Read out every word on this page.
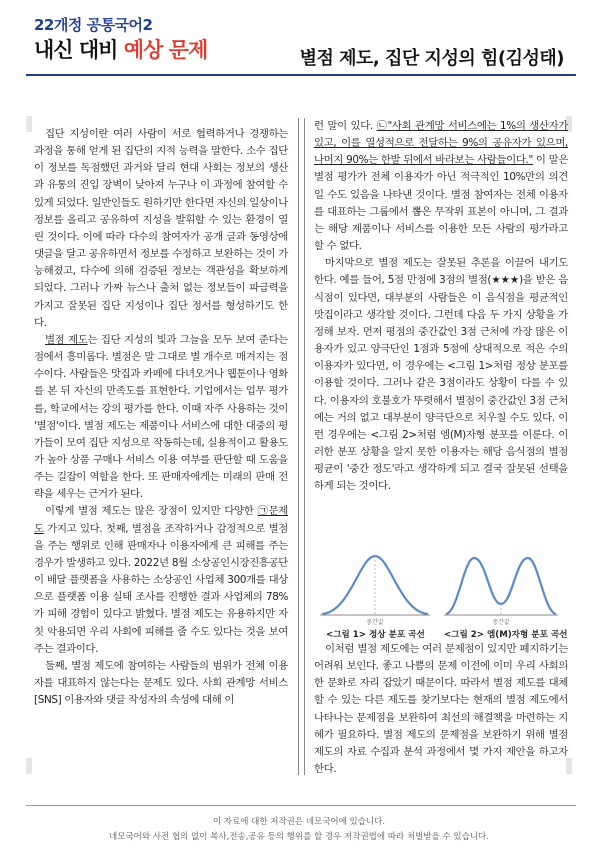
22개정 공통국어2
내신 대비 예상 문제	별점 제도, 집단 지성의 힘(김성태)

집단 지성이란 여러 사람이 서로 협력하거나 경쟁하는 과정을 통해 얻게 된 집단의 지적 능력을 말한다. 소수 집단이 정보를 독점했던 과거와 달리 현대 사회는 정보의 생산과 유통의 진입 장벽이 낮아져 누구나 이 과정에 참여할 수 있게 되었다. 일반인들도 원하기만 한다면 자신의 일상이나 정보를 올리고 공유하여 지성을 발휘할 수 있는 환경이 열린 것이다. 이에 따라 다수의 참여자가 공개 글과 동영상에 댓글을 달고 공유하면서 정보를 수정하고 보완하는 것이 가능해졌고, 다수에 의해 검증된 정보는 객관성을 확보하게 되었다. 그러나 가짜 뉴스나 출처 없는 정보들이 파급력을 가지고 잘못된 집단 지성이나 집단 정서를 형성하기도 한다.

별점 제도는 집단 지성의 빛과 그늘을 모두 보여 준다는 점에서 흥미롭다. 별점은 말 그대로 별 개수로 매겨지는 점수이다. 사람들은 맛집과 카페에 다녀오거나 웹툰이나 영화를 본 뒤 자신의 만족도를 표현한다. 기업에서는 업무 평가를, 학교에서는 강의 평가를 한다. 이때 자주 사용하는 것이 '별점'이다. 별점 제도는 제품이나 서비스에 대한 대중의 평가들이 모여 집단 지성으로 작동하는데, 실용적이고 활용도가 높아 상품 구매나 서비스 이용 여부를 판단할 때 도움을 주는 길잡이 역할을 한다. 또 판매자에게는 미래의 판매 전략을 세우는 근거가 된다.

이렇게 별점 제도는 많은 장점이 있지만 다양한 ㉠문제도 가지고 있다. 첫째, 별점을 조작하거나 감정적으로 별점을 주는 행위로 인해 판매자나 이용자에게 큰 피해를 주는 경우가 발생하고 있다. 2022년 8월 소상공인시장진흥공단이 배달 플랫폼을 사용하는 소상공인 사업체 300개를 대상으로 플랫폼 이용 실태 조사를 진행한 결과 사업체의 78%가 피해 경험이 있다고 밝혔다. 별점 제도는 유용하지만 자칫 악용되면 우리 사회에 피해를 줄 수도 있다는 것을 보여 주는 결과이다.

둘째, 별점 제도에 참여하는 사람들의 범위가 전체 이용자를 대표하지 않는다는 문제도 있다. 사회 관계망 서비스[SNS] 이용자와 댓글 작성자의 속성에 대해 이

런 말이 있다. ㉡"사회 관계망 서비스에는 1%의 생산자가 있고, 이를 열성적으로 전달하는 9%의 공유자가 있으며, 나머지 90%는 한발 뒤에서 바라보는 사람들이다." 이 말은 별점 평가가 전체 이용자가 아닌 적극적인 10%만의 의견일 수도 있음을 나타낸 것이다. 별점 참여자는 전체 이용자를 대표하는 그룹에서 뽑은 무작위 표본이 아니며, 그 결과는 해당 제품이나 서비스를 이용한 모든 사람의 평가라고 할 수 없다.

마지막으로 별점 제도는 잘못된 추론을 이끌어 내기도 한다. 예를 들어, 5점 만점에 3점의 별점(★★★)을 받은 음식점이 있다면, 대부분의 사람들은 이 음식점을 평균적인 맛집이라고 생각할 것이다. 그런데 다음 두 가지 상황을 가정해 보자. 먼저 평점의 중간값인 3점 근처에 가장 많은 이용자가 있고 양극단인 1점과 5점에 상대적으로 적은 수의 이용자가 있다면, 이 경우에는 <그림 1>처럼 정상 분포를 이용할 것이다. 그러나 같은 3점이라도 상황이 다를 수 있다. 이용자의 호불호가 뚜렷해서 별점이 중간값인 3점 근처에는 거의 없고 대부분이 양극단으로 치우칠 수도 있다. 이런 경우에는 <그림 2>처럼 엠(M)자형 분포를 이룬다. 이러한 분포 상황을 알지 못한 이용자는 해당 음식점의 별점 평균이 '중간 정도'라고 생각하게 되고 결국 잘못된 선택을 하게 되는 것이다.

중간값	중간값
<그림 1> 정상 분포 곡선 <그림 2> 엠(M)자형 분포 곡선

이처럼 별점 제도에는 여러 문제점이 있지만 폐지하기는 어려워 보인다. 좋고 나쁨의 문제 이전에 이미 우리 사회의 한 문화로 자리 잡았기 때문이다. 따라서 별점 제도를 대체할 수 있는 다른 제도를 찾기보다는 현재의 별점 제도에서 나타나는 문제점을 보완하여 최선의 해결책을 마련하는 지혜가 필요하다. 별점 제도의 문제점을 보완하기 위해 별점 제도의 자료 수집과 분석 과정에서 몇 가지 제안을 하고자 한다.

이 자료에 대한 저작권은 네모국어에 있습니다.
네모국어와 사전 협의 없이 복사,전송,공유 등의 행위를 할 경우 저작권법에 따라 처벌받을 수 있습니다.
